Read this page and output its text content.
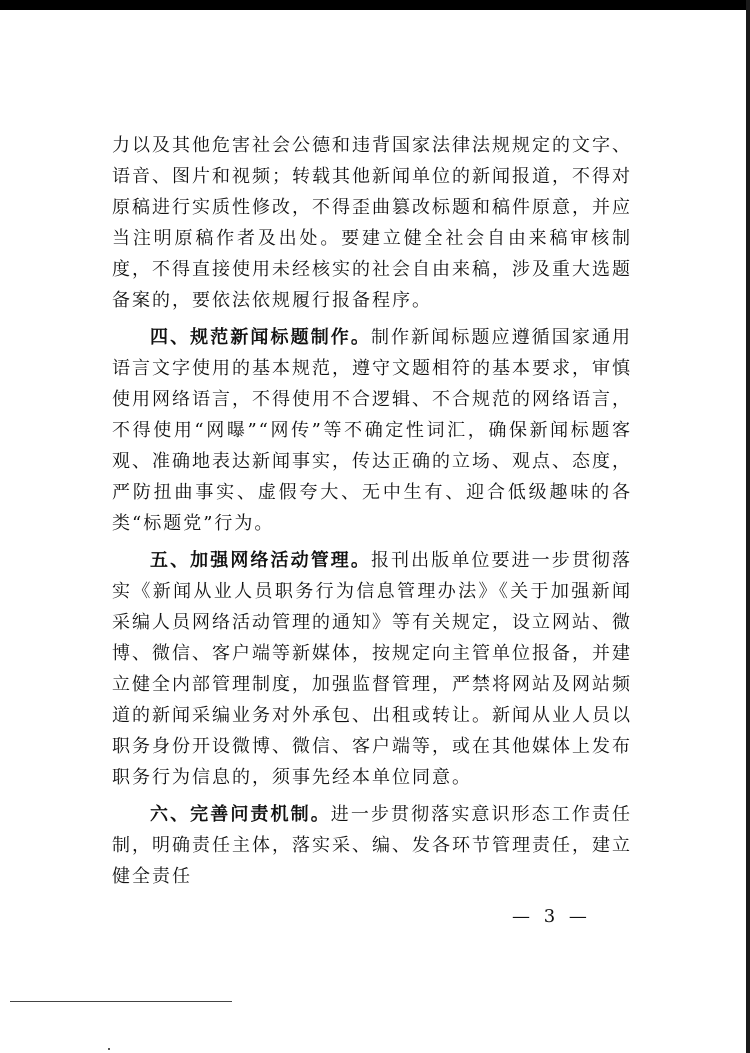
力以及其他危害社会公德和违背国家法律法规规定的文字、语音、图片和视频；转载其他新闻单位的新闻报道，不得对原稿进行实质性修改，不得歪曲篡改标题和稿件原意，并应当注明原稿作者及出处。要建立健全社会自由来稿审核制度，不得直接使用未经核实的社会自由来稿，涉及重大选题备案的，要依法依规履行报备程序。

四、规范新闻标题制作。制作新闻标题应遵循国家通用语言文字使用的基本规范，遵守文题相符的基本要求，审慎使用网络语言，不得使用不合逻辑、不合规范的网络语言，不得使用“网曝”“网传”等不确定性词汇，确保新闻标题客观、准确地表达新闻事实，传达正确的立场、观点、态度，严防扭曲事实、虚假夸大、无中生有、迎合低级趣味的各类“标题党”行为。

五、加强网络活动管理。报刊出版单位要进一步贯彻落实《新闻从业人员职务行为信息管理办法》《关于加强新闻采编人员网络活动管理的通知》等有关规定，设立网站、微博、微信、客户端等新媒体，按规定向主管单位报备，并建立健全内部管理制度，加强监督管理，严禁将网站及网站频道的新闻采编业务对外承包、出租或转让。新闻从业人员以职务身份开设微博、微信、客户端等，或在其他媒体上发布职务行为信息的，须事先经本单位同意。

六、完善问责机制。进一步贯彻落实意识形态工作责任制，明确责任主体，落实采、编、发各环节管理责任，建立健全责任

— 3 —
